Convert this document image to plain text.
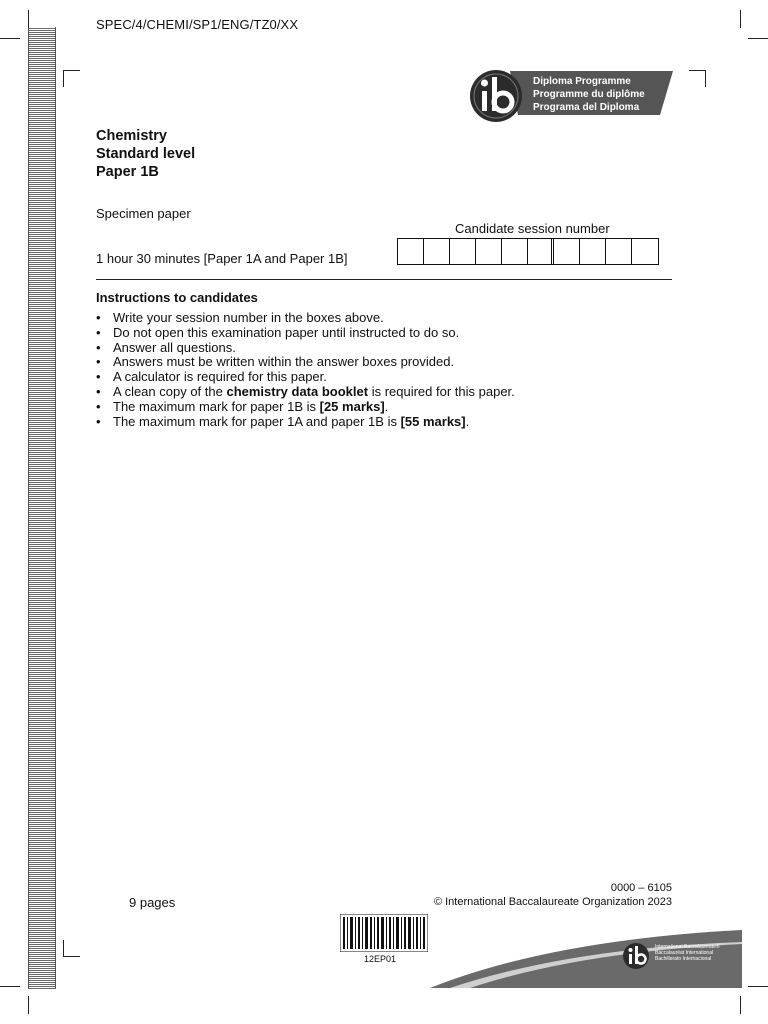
SPEC/4/CHEMI/SP1/ENG/TZ0/XX
Diploma Programme
Programme du diplôme
Programa del Diploma
Chemistry
Standard level
Paper 1B
Specimen paper
1 hour 30 minutes [Paper 1A and Paper 1B]
Candidate session number
Instructions to candidates
• Write your session number in the boxes above.
• Do not open this examination paper until instructed to do so.
• Answer all questions.
• Answers must be written within the answer boxes provided.
• A calculator is required for this paper.
• A clean copy of the chemistry data booklet is required for this paper.
• The maximum mark for paper 1B is [25 marks].
• The maximum mark for paper 1A and paper 1B is [55 marks].
9 pages
0000 – 6105
© International Baccalaureate Organization 2023
12EP01
International Baccalaureate®
Baccalauréat International
Bachillerato Internacional
